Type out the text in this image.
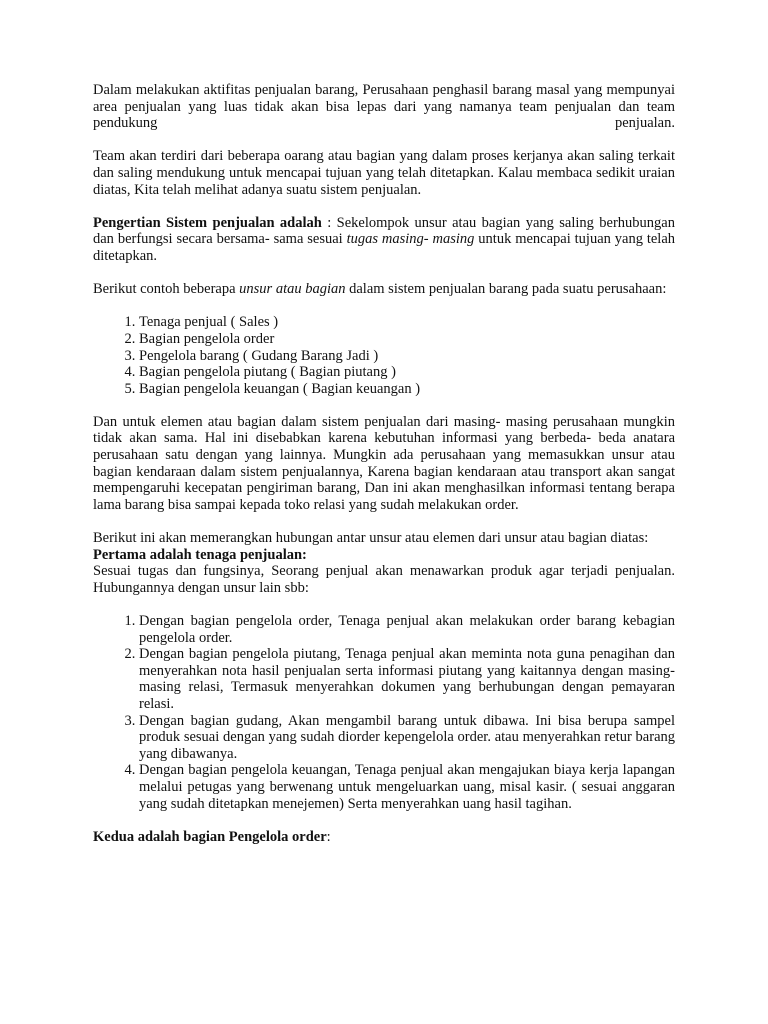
Dalam melakukan aktifitas penjualan barang, Perusahaan penghasil barang masal yang mempunyai area penjualan yang luas tidak akan bisa lepas dari yang namanya team penjualan dan team pendukung penjualan.

Team akan terdiri dari beberapa oarang atau bagian yang dalam proses kerjanya akan saling terkait dan saling mendukung untuk mencapai tujuan yang telah ditetapkan. Kalau membaca sedikit uraian diatas, Kita telah melihat adanya suatu sistem penjualan.

Pengertian Sistem penjualan adalah : Sekelompok unsur atau bagian yang saling berhubungan dan berfungsi secara bersama- sama sesuai tugas masing- masing untuk mencapai tujuan yang telah ditetapkan.

Berikut contoh beberapa unsur atau bagian dalam sistem penjualan barang pada suatu perusahaan:

1. Tenaga penjual ( Sales )
2. Bagian pengelola order
3. Pengelola barang ( Gudang Barang Jadi )
4. Bagian pengelola piutang ( Bagian piutang )
5. Bagian pengelola keuangan ( Bagian keuangan )

Dan untuk elemen atau bagian dalam sistem penjualan dari masing- masing perusahaan mungkin tidak akan sama. Hal ini disebabkan karena kebutuhan informasi yang berbeda- beda anatara perusahaan satu dengan yang lainnya. Mungkin ada perusahaan yang memasukkan unsur atau bagian kendaraan dalam sistem penjualannya, Karena bagian kendaraan atau transport akan sangat mempengaruhi kecepatan pengiriman barang, Dan ini akan menghasilkan informasi tentang berapa lama barang bisa sampai kepada toko relasi yang sudah melakukan order.

Berikut ini akan memerangkan hubungan antar unsur atau elemen dari unsur atau bagian diatas:

Pertama adalah tenaga penjualan:

Sesuai tugas dan fungsinya, Seorang penjual akan menawarkan produk agar terjadi penjualan. Hubungannya dengan unsur lain sbb:

1. Dengan bagian pengelola order, Tenaga penjual akan melakukan order barang kebagian pengelola order.
2. Dengan bagian pengelola piutang, Tenaga penjual akan meminta nota guna penagihan dan menyerahkan nota hasil penjualan serta informasi piutang yang kaitannya dengan masing-masing relasi, Termasuk menyerahkan dokumen yang berhubungan dengan pemayaran relasi.
3. Dengan bagian gudang, Akan mengambil barang untuk dibawa. Ini bisa berupa sampel produk sesuai dengan yang sudah diorder kepengelola order. atau menyerahkan retur barang yang dibawanya.
4. Dengan bagian pengelola keuangan, Tenaga penjual akan mengajukan biaya kerja lapangan melalui petugas yang berwenang untuk mengeluarkan uang, misal kasir. ( sesuai anggaran yang sudah ditetapkan menejemen) Serta menyerahkan uang hasil tagihan.

Kedua adalah bagian Pengelola order:
